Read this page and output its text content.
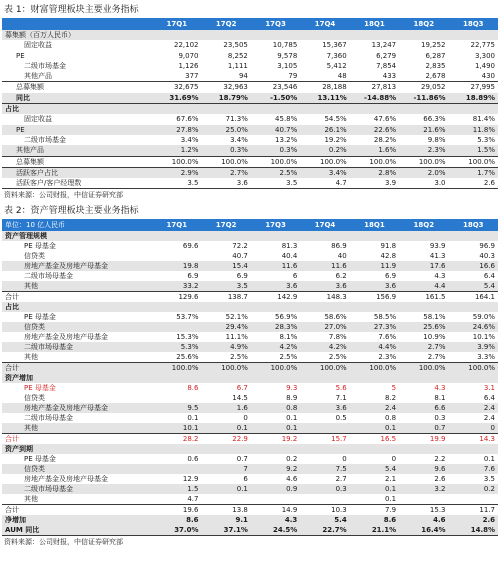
表 1：财富管理板块主要业务指标
	17Q1	17Q2	17Q3	17Q4	18Q1	18Q2	18Q3
募集额（百万人民币）							
固定收益	22,102	23,505	10,785	15,367	13,247	19,252	22,775
PE	9,070	8,252	9,578	7,360	6,279	6,287	3,300
二级市场基金	1,126	1,111	3,105	5,412	7,854	2,835	1,490
其他产品	377	94	79	48	433	2,678	430
总募集额	32,675	32,963	23,546	28,188	27,813	29,052	27,995
同比	31.69%	18.79%	-1.50%	13.11%	-14.88%	-11.86%	18.89%
占比							
固定收益	67.6%	71.3%	45.8%	54.5%	47.6%	66.3%	81.4%
PE	27.8%	25.0%	40.7%	26.1%	22.6%	21.6%	11.8%
二级市场基金	3.4%	3.4%	13.2%	19.2%	28.2%	9.8%	5.3%
其他产品	1.2%	0.3%	0.3%	0.2%	1.6%	2.3%	1.5%
总募集额	100.0%	100.0%	100.0%	100.0%	100.0%	100.0%	100.0%
活跃客户占比	2.9%	2.7%	2.5%	3.4%	2.8%	2.0%	1.7%
活跃客户/客户经理数	3.5	3.6	3.5	4.7	3.9	3.0	2.6
资料来源：公司财报，中信证券研究部
表 2：资产管理板块主要业务指标
单位：10 亿人民币	17Q1	17Q2	17Q3	17Q4	18Q1	18Q2	18Q3
资产管理规模							
PE 母基金	69.6	72.2	81.3	86.9	91.8	93.9	96.9
信贷类		40.7	40.4	40	42.8	41.3	40.3
房地产基金及房地产母基金	19.8	15.4	11.6	11.6	11.9	17.6	16.6
二级市场母基金	6.9	6.9	6	6.2	6.9	4.3	6.4
其他	33.2	3.5	3.6	3.6	3.6	4.4	5.4
合计	129.6	138.7	142.9	148.3	156.9	161.5	164.1
占比							
PE 母基金	53.7%	52.1%	56.9%	58.6%	58.5%	58.1%	59.0%
信贷类		29.4%	28.3%	27.0%	27.3%	25.6%	24.6%
房地产基金及房地产母基金	15.3%	11.1%	8.1%	7.8%	7.6%	10.9%	10.1%
二级市场母基金	5.3%	4.9%	4.2%	4.2%	4.4%	2.7%	3.9%
其他	25.6%	2.5%	2.5%	2.5%	2.3%	2.7%	3.3%
合计	100.0%	100.0%	100.0%	100.0%	100.0%	100.0%	100.0%
资产增加							
PE 母基金	8.6	6.7	9.3	5.6	5	4.3	3.1
信贷类		14.5	8.9	7.1	8.2	8.1	6.4
房地产基金及房地产母基金	9.5	1.6	0.8	3.6	2.4	6.6	2.4
二级市场母基金	0.1	0	0.1	0.5	0.8	0.3	2.4
其他	10.1	0.1	0.1		0.1	0.7	0
合计	28.2	22.9	19.2	15.7	16.5	19.9	14.3
资产到期							
PE 母基金	0.6	0.7	0.2	0	0	2.2	0.1
信贷类		7	9.2	7.5	5.4	9.6	7.6
房地产基金及房地产母基金	12.9	6	4.6	2.7	2.1	2.6	3.5
二级市场母基金	1.5	0.1	0.9	0.3	0.1	3.2	0.2
其他	4.7				0.1		
合计	19.6	13.8	14.9	10.3	7.9	15.3	11.7
净增加	8.6	9.1	4.3	5.4	8.6	4.6	2.6
AUM 同比	37.0%	37.1%	24.5%	22.7%	21.1%	16.4%	14.8%
资料来源：公司财报，中信证券研究部
